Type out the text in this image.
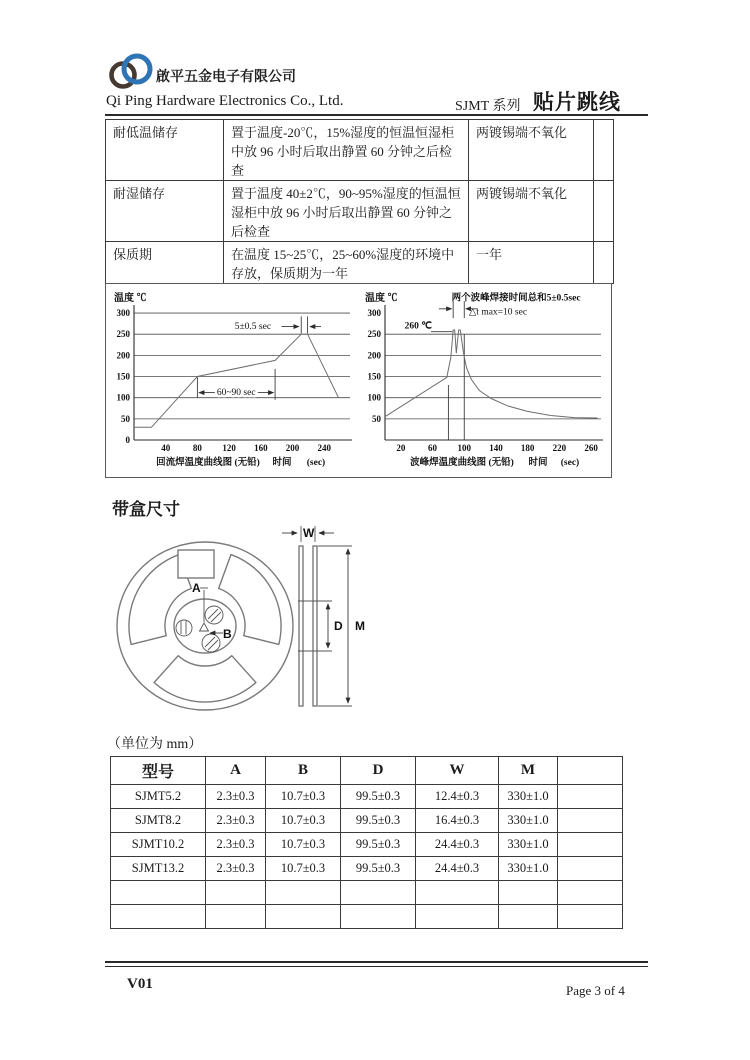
啟平五金电子有限公司
Qi Ping Hardware Electronics Co., Ltd.	SJMT 系列 贴片跳线
耐低温储存	置于温度-20℃，15%湿度的恒温恒湿柜中放 96 小时后取出静置 60 分钟之后检查	两镀锡端不氧化	
耐湿储存	置于温度 40±2℃，90~95%湿度的恒温恒湿柜中放 96 小时后取出静置 60 分钟之后检查	两镀锡端不氧化	
保质期	在温度 15~25℃，25~60%湿度的环境中存放，保质期为一年	一年	
0
50
100
150
200
250
300
40	80 120 160 200 240
5±0.5 sec
60~90 sec
温度 ℃
回流焊温度曲线图 (无铅) 时间 (sec)
50
100
150
200
250
300
20	60 100 140 180 220 260
260 ℃
△t max=10 sec
两个波峰焊接时间总和5±0.5sec
温度 ℃
波峰焊温度曲线图 (无铅) 时间 (sec)
带盒尺寸
A
B
W
D M
（单位为 mm）
型号	A	B	D	W	M	
SJMT5.2	2.3±0.3	10.7±0.3	99.5±0.3	12.4±0.3	330±1.0	
SJMT8.2	2.3±0.3	10.7±0.3	99.5±0.3	16.4±0.3	330±1.0	
SJMT10.2	2.3±0.3	10.7±0.3	99.5±0.3	24.4±0.3	330±1.0	
SJMT13.2	2.3±0.3	10.7±0.3	99.5±0.3	24.4±0.3	330±1.0	

V01	Page 3 of 4
